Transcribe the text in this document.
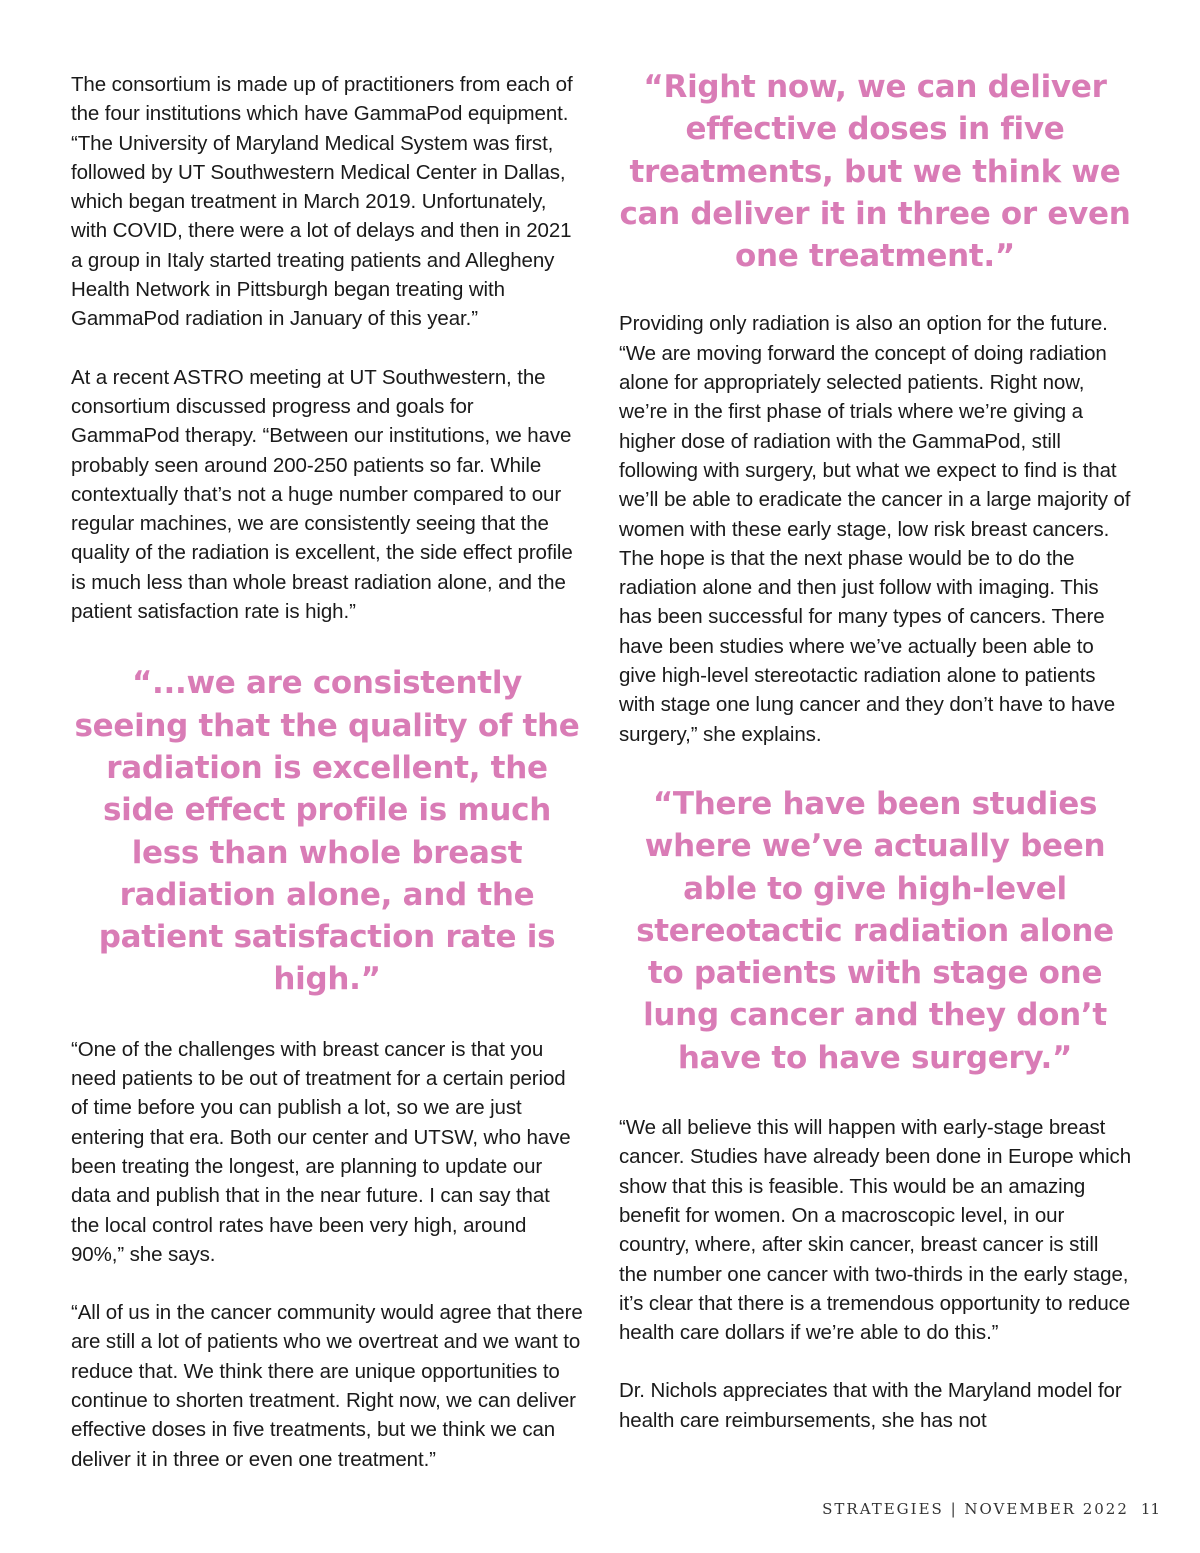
The consortium is made up of practitioners from each of the four institutions which have GammaPod equipment. “The University of Maryland Medical System was first, followed by UT Southwestern Medical Center in Dallas, which began treatment in March 2019. Unfortunately, with COVID, there were a lot of delays and then in 2021 a group in Italy started treating patients and Allegheny Health Network in Pittsburgh began treating with GammaPod radiation in January of this year.”

At a recent ASTRO meeting at UT Southwestern, the consortium discussed progress and goals for GammaPod therapy. “Between our institutions, we have probably seen around 200-250 patients so far. While contextually that’s not a huge number compared to our regular machines, we are consistently seeing that the quality of the radiation is excellent, the side effect profile is much less than whole breast radiation alone, and the patient satisfaction rate is high.”

“...we are consistently seeing that the quality of the radiation is excellent, the side effect profile is much less than whole breast radiation alone, and the patient satisfaction rate is high.”

“One of the challenges with breast cancer is that you need patients to be out of treatment for a certain period of time before you can publish a lot, so we are just entering that era. Both our center and UTSW, who have been treating the longest, are planning to update our data and publish that in the near future. I can say that the local control rates have been very high, around 90%,” she says.

“All of us in the cancer community would agree that there are still a lot of patients who we overtreat and we want to reduce that. We think there are unique opportunities to continue to shorten treatment. Right now, we can deliver effective doses in five treatments, but we think we can deliver it in three or even one treatment.”

“Right now, we can deliver effective doses in five treatments, but we think we can deliver it in three or even one treatment.”

Providing only radiation is also an option for the future. “We are moving forward the concept of doing radiation alone for appropriately selected patients. Right now, we’re in the first phase of trials where we’re giving a higher dose of radiation with the GammaPod, still following with surgery, but what we expect to find is that we’ll be able to eradicate the cancer in a large majority of women with these early stage, low risk breast cancers. The hope is that the next phase would be to do the radiation alone and then just follow with imaging. This has been successful for many types of cancers. There have been studies where we’ve actually been able to give high-level stereotactic radiation alone to patients with stage one lung cancer and they don’t have to have surgery,” she explains.

“There have been studies where we’ve actually been able to give high-level stereotactic radiation alone to patients with stage one lung cancer and they don’t have to have surgery.”

“We all believe this will happen with early-stage breast cancer. Studies have already been done in Europe which show that this is feasible. This would be an amazing benefit for women. On a macroscopic level, in our country, where, after skin cancer, breast cancer is still the number one cancer with two-thirds in the early stage, it’s clear that there is a tremendous opportunity to reduce health care dollars if we’re able to do this.”

Dr. Nichols appreciates that with the Maryland model for health care reimbursements, she has not

STRATEGIES | NOVEMBER 2022 11
